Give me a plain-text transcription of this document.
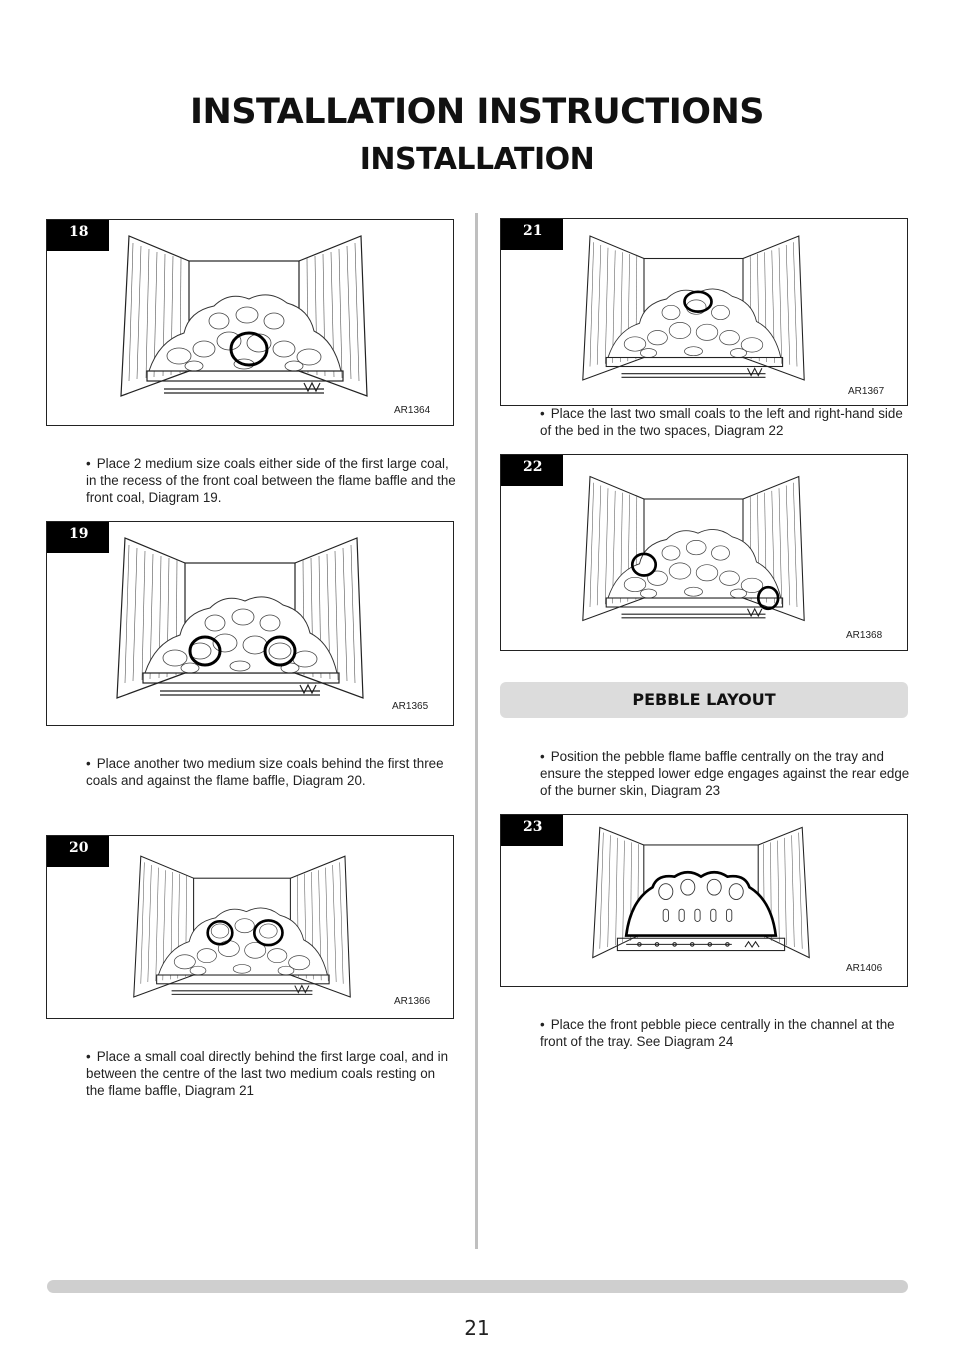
INSTALLATION INSTRUCTIONS
INSTALLATION
18
AR1364
• Place 2 medium size coals either side of the first large coal, in the recess of the front coal between the flame baffle and the front coal, Diagram 19.
19
AR1365
• Place another two medium size coals behind the first three coals and against the flame baffle, Diagram 20.
20
AR1366
• Place a small coal directly behind the first large coal, and in between the centre of the last two medium coals resting on the flame baffle, Diagram 21
21
AR1367
• Place the last two small coals to the left and right-hand side of the bed in the two spaces, Diagram 22
22
AR1368
PEBBLE LAYOUT
• Position the pebble flame baffle centrally on the tray and ensure the stepped lower edge engages against the rear edge of the burner skin, Diagram 23
23
AR1406
• Place the front pebble piece centrally in the channel at the front of the tray. See Diagram 24
21
